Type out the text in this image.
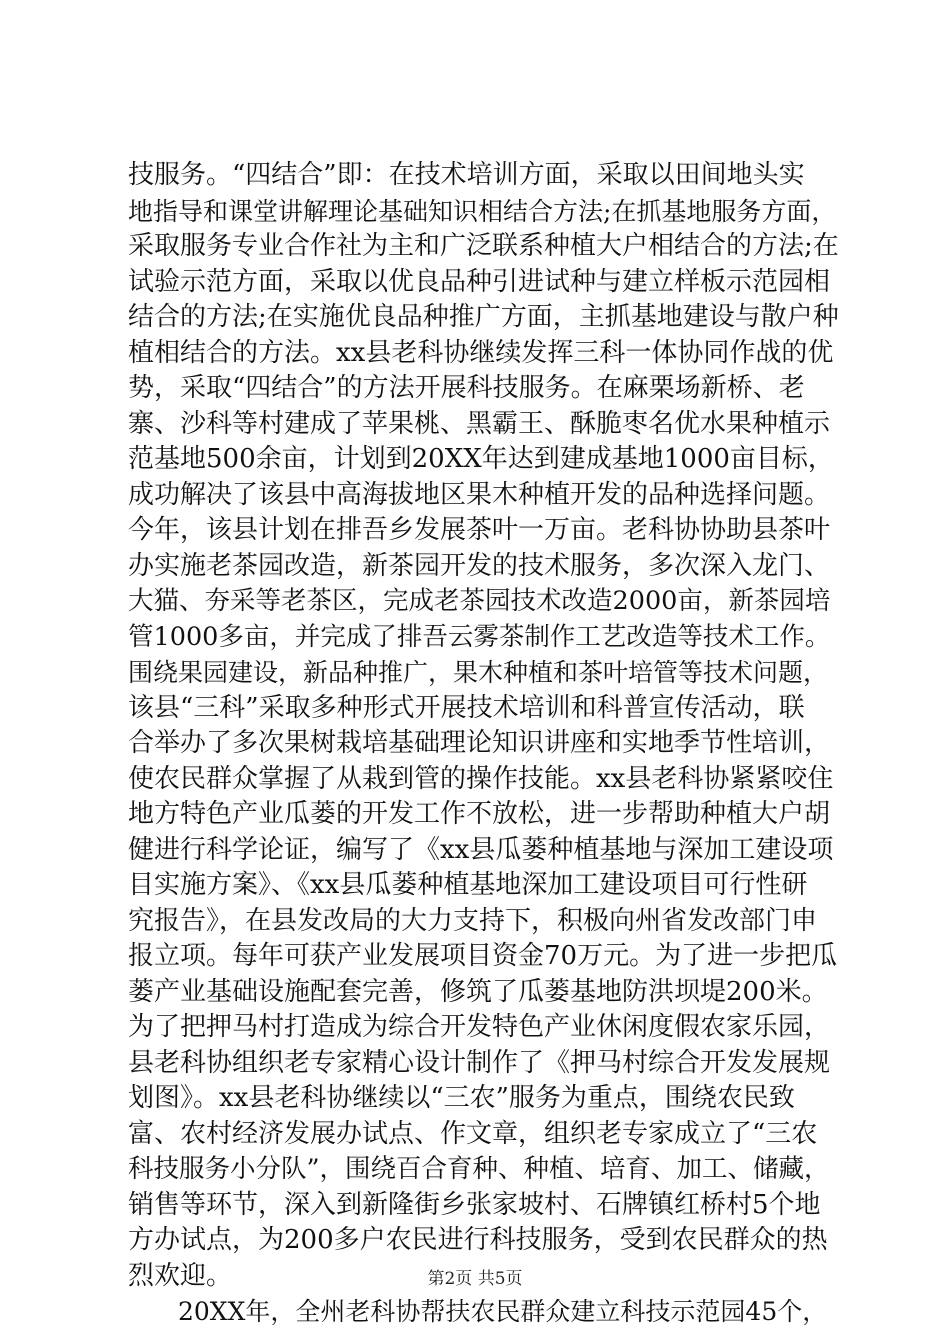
技服务。“四结合”即：在技术培训方面，采取以田间地头实
地指导和课堂讲解理论基础知识相结合方法;在抓基地服务方面，
采取服务专业合作社为主和广泛联系种植大户相结合的方法;在
试验示范方面，采取以优良品种引进试种与建立样板示范园相
结合的方法;在实施优良品种推广方面，主抓基地建设与散户种
植相结合的方法。xx县老科协继续发挥三科一体协同作战的优
势，采取“四结合”的方法开展科技服务。在麻栗场新桥、老
寨、沙科等村建成了苹果桃、黑霸王、酥脆枣名优水果种植示
范基地500余亩，计划到20XX年达到建成基地1000亩目标，
成功解决了该县中高海拔地区果木种植开发的品种选择问题。
今年，该县计划在排吾乡发展茶叶一万亩。老科协协助县茶叶
办实施老茶园改造，新茶园开发的技术服务，多次深入龙门、
大猫、夯采等老茶区，完成老茶园技术改造2000亩，新茶园培
管1000多亩，并完成了排吾云雾茶制作工艺改造等技术工作。
围绕果园建设，新品种推广，果木种植和茶叶培管等技术问题，
该县“三科”采取多种形式开展技术培训和科普宣传活动，联
合举办了多次果树栽培基础理论知识讲座和实地季节性培训，
使农民群众掌握了从栽到管的操作技能。xx县老科协紧紧咬住
地方特色产业瓜蒌的开发工作不放松，进一步帮助种植大户胡
健进行科学论证，编写了《xx县瓜蒌种植基地与深加工建设项
目实施方案》、《xx县瓜蒌种植基地深加工建设项目可行性研
究报告》，在县发改局的大力支持下，积极向州省发改部门申
报立项。每年可获产业发展项目资金70万元。为了进一步把瓜
蒌产业基础设施配套完善，修筑了瓜蒌基地防洪坝堤200米。
为了把押马村打造成为综合开发特色产业休闲度假农家乐园，
县老科协组织老专家精心设计制作了《押马村综合开发发展规
划图》。xx县老科协继续以“三农”服务为重点，围绕农民致
富、农村经济发展办试点、作文章，组织老专家成立了“三农
科技服务小分队”，围绕百合育种、种植、培育、加工、储藏，
销售等环节，深入到新隆街乡张家坡村、石牌镇红桥村5个地
方办试点，为200多户农民进行科技服务，受到农民群众的热
烈欢迎。
　　20XX年，全州老科协帮扶农民群众建立科技示范园45个，
第2页 共5页
